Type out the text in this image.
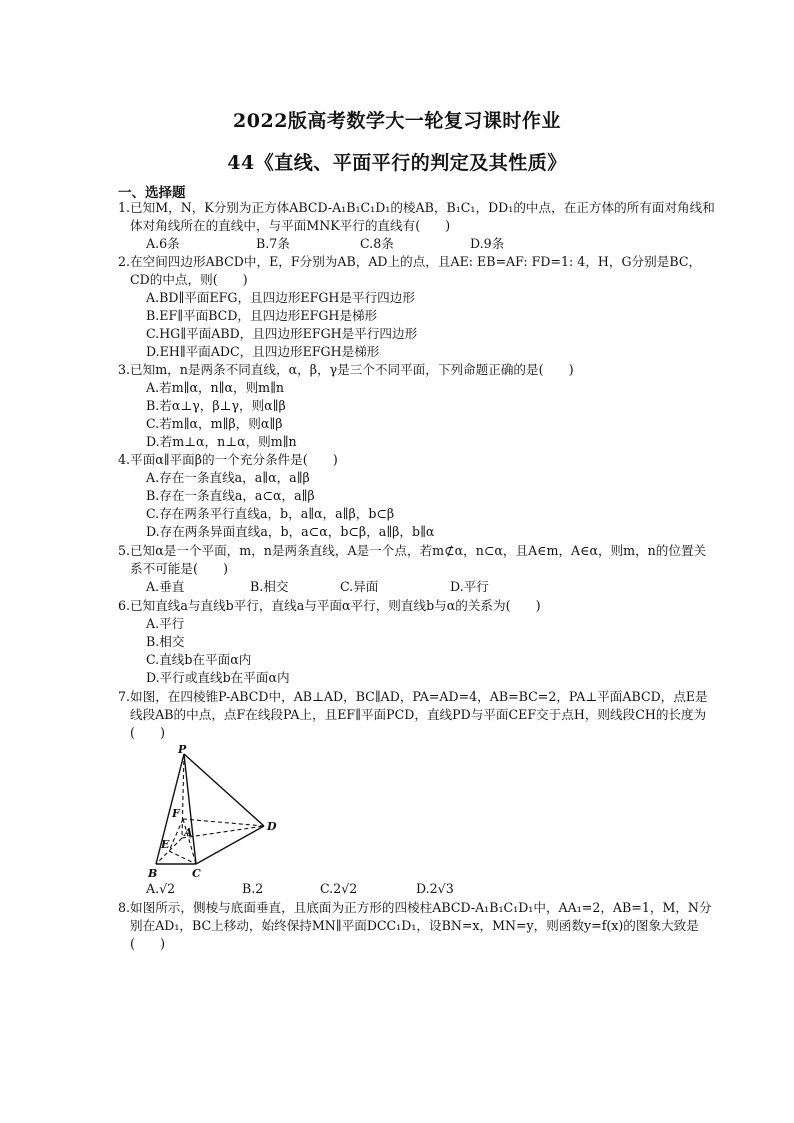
2022版高考数学大一轮复习课时作业
44《直线、平面平行的判定及其性质》
一、选择题

1.已知M，N，K分别为正方体ABCD-A₁B₁C₁D₁的棱AB，B₁C₁，DD₁的中点，在正方体的所有面对角线和体对角线所在的直线中，与平面MNK平行的直线有(　　)

A.6条	B.7条	C.8条	D.9条

2.在空间四边形ABCD中，E，F分别为AB，AD上的点，且AE: EB=AF: FD=1: 4，H，G分别是BC，CD的中点，则(　　)

A.BD∥平面EFG，且四边形EFGH是平行四边形
B.EF∥平面BCD，且四边形EFGH是梯形
C.HG∥平面ABD，且四边形EFGH是平行四边形
D.EH∥平面ADC，且四边形EFGH是梯形

3.已知m，n是两条不同直线，α，β，γ是三个不同平面，下列命题正确的是(　　)

A.若m∥α，n∥α，则m∥n
B.若α⊥γ，β⊥γ，则α∥β
C.若m∥α，m∥β，则α∥β
D.若m⊥α，n⊥α，则m∥n

4.平面α∥平面β的一个充分条件是(　　)

A.存在一条直线a，a∥α，a∥β
B.存在一条直线a，a⊂α，a∥β
C.存在两条平行直线a，b，a∥α，a∥β，b⊂β
D.存在两条异面直线a，b，a⊂α，b⊂β，a∥β，b∥α

5.已知α是一个平面，m，n是两条直线，A是一个点，若m⊄α，n⊂α，且A∈m，A∈α，则m，n的位置关系不可能是(　　)

A.垂直	B.相交	C.异面	D.平行

6.已知直线a与直线b平行，直线a与平面α平行，则直线b与α的关系为(　　)

A.平行
B.相交
C.直线b在平面α内
D.平行或直线b在平面α内

7.如图，在四棱锥P-ABCD中，AB⊥AD，BC∥AD，PA=AD=4，AB=BC=2，PA⊥平面ABCD，点E是线段AB的中点，点F在线段PA上，且EF∥平面PCD，直线PD与平面CEF交于点H，则线段CH的长度为(　　)

P
F
A
E
B	C
D
A.√2	B.2	C.2√2	D.2√3

8.如图所示，侧棱与底面垂直，且底面为正方形的四棱柱ABCD-A₁B₁C₁D₁中，AA₁=2，AB=1，M，N分别在AD₁，BC上移动，始终保持MN∥平面DCC₁D₁，设BN=x，MN=y，则函数y=f(x)的图象大致是(　　)
